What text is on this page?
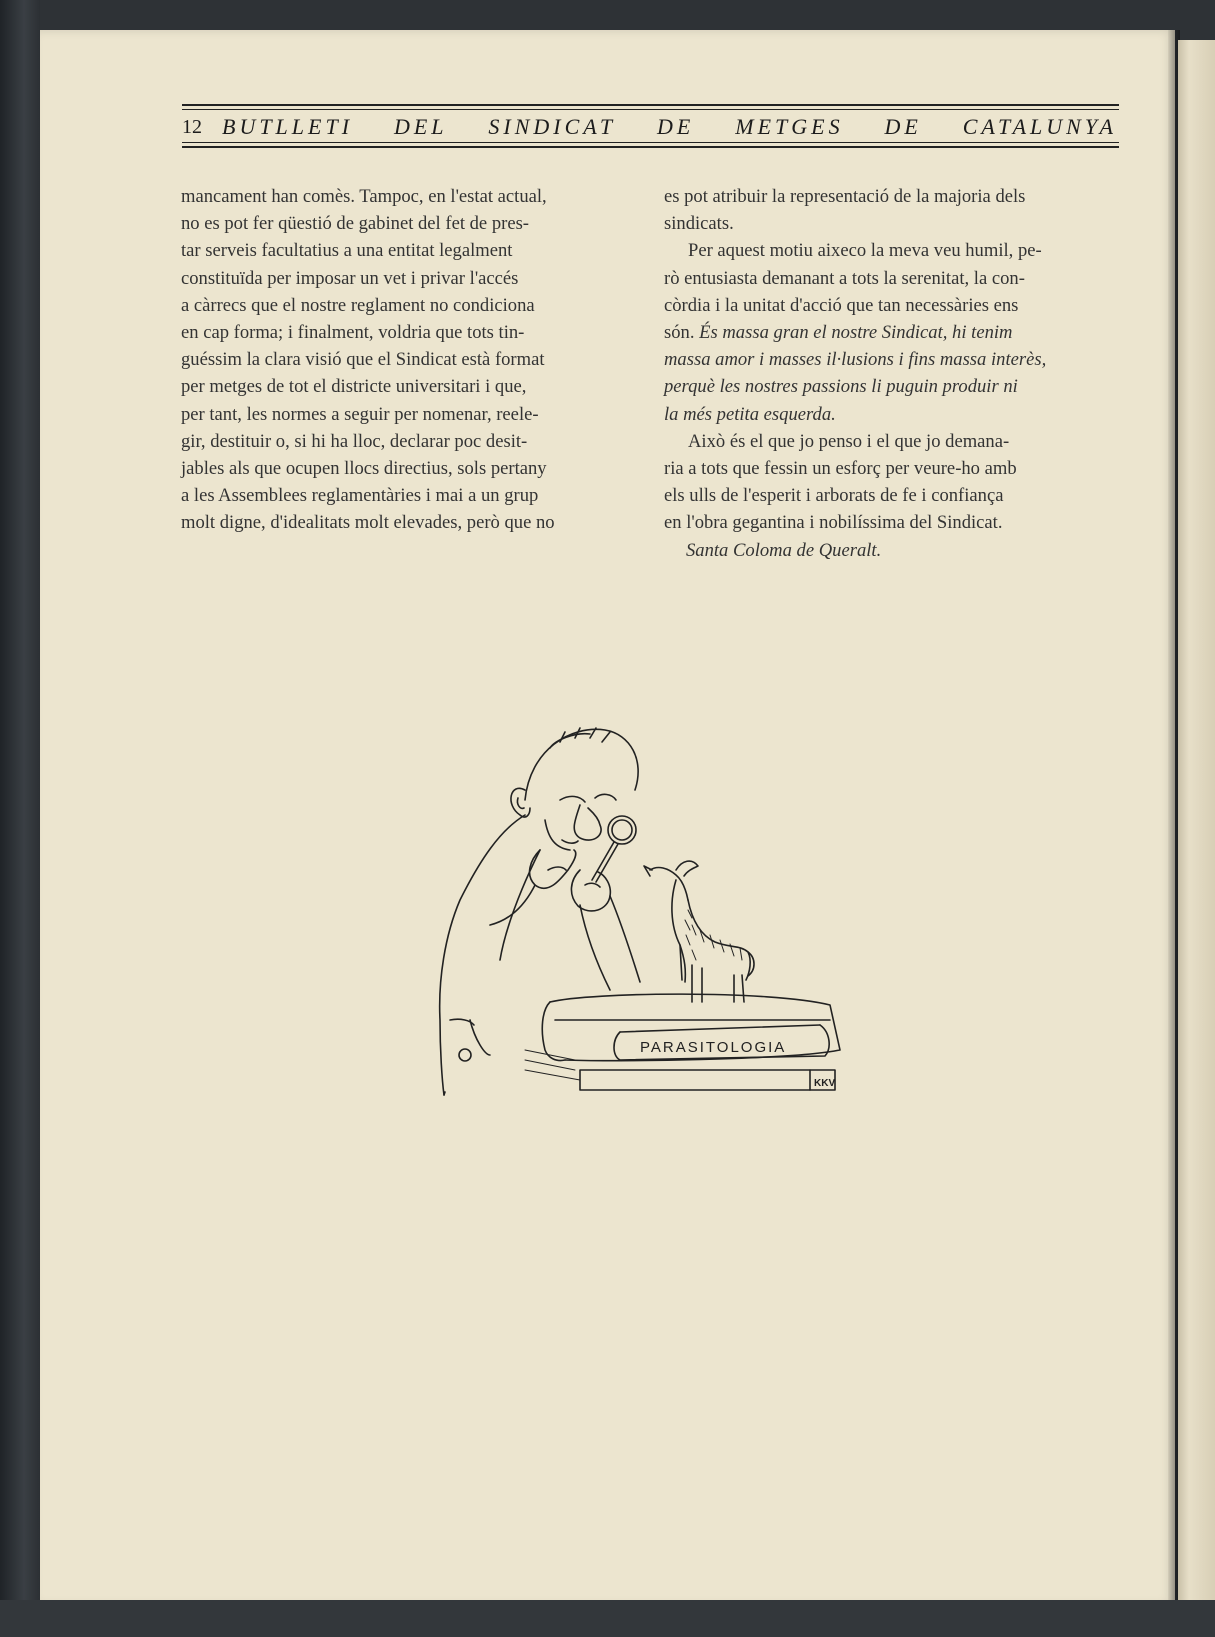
12 BUTLLETI DEL SINDICAT DE METGES DE CATALUNYA

mancament han comès. Tampoc, en l'estat actual,

no es pot fer qüestió de gabinet del fet de pres-

tar serveis facultatius a una entitat legalment

constituïda per imposar un vet i privar l'accés

a càrrecs que el nostre reglament no condiciona

en cap forma; i finalment, voldria que tots tin-

guéssim la clara visió que el Sindicat està format

per metges de tot el districte universitari i que,

per tant, les normes a seguir per nomenar, reele-

gir, destituir o, si hi ha lloc, declarar poc desit-

jables als que ocupen llocs directius, sols pertany

a les Assemblees reglamentàries i mai a un grup

molt digne, d'idealitats molt elevades, però que no

es pot atribuir la representació de la majoria dels

sindicats.

Per aquest motiu aixeco la meva veu humil, pe-

rò entusiasta demanant a tots la serenitat, la con-

còrdia i la unitat d'acció que tan necessàries ens

són. És massa gran el nostre Sindicat, hi tenim

massa amor i masses il·lusions i fins massa interès,

perquè les nostres passions li puguin produir ni

la més petita esquerda.

Això és el que jo penso i el que jo demana-

ria a tots que fessin un esforç per veure-ho amb

els ulls de l'esperit i arborats de fe i confiança

en l'obra gegantina i nobilíssima del Sindicat.

Santa Coloma de Queralt.

PARASITOLOGIA
KKV
